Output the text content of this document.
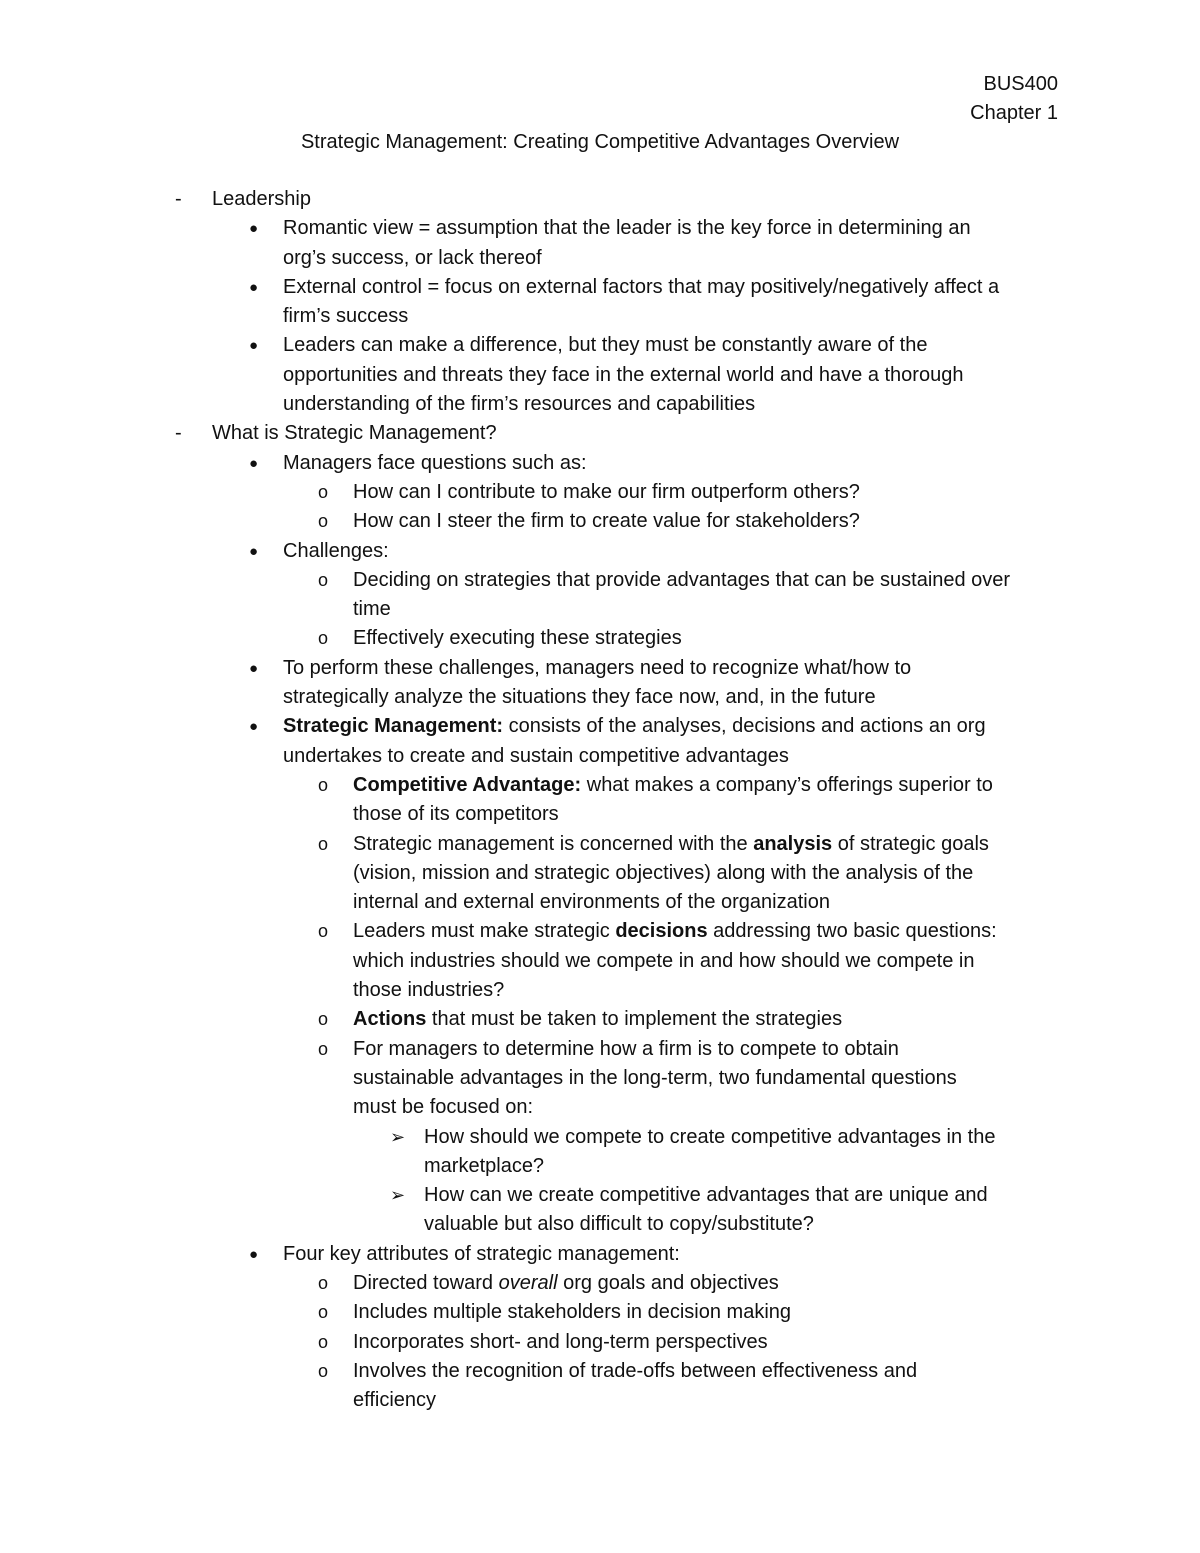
BUS400
Chapter 1
Strategic Management: Creating Competitive Advantages Overview
- Leadership
● Romantic view = assumption that the leader is the key force in determining an
org’s success, or lack thereof
● External control = focus on external factors that may positively/negatively affect a
firm’s success
● Leaders can make a difference, but they must be constantly aware of the
opportunities and threats they face in the external world and have a thorough
understanding of the firm’s resources and capabilities
- What is Strategic Management?
● Managers face questions such as:
o How can I contribute to make our firm outperform others?
o How can I steer the firm to create value for stakeholders?
● Challenges:
o Deciding on strategies that provide advantages that can be sustained over
time
o Effectively executing these strategies
● To perform these challenges, managers need to recognize what/how to
strategically analyze the situations they face now, and, in the future
● Strategic Management: consists of the analyses, decisions and actions an org
undertakes to create and sustain competitive advantages
o Competitive Advantage: what makes a company’s offerings superior to
those of its competitors
o Strategic management is concerned with the analysis of strategic goals
(vision, mission and strategic objectives) along with the analysis of the
internal and external environments of the organization
o Leaders must make strategic decisions addressing two basic questions:
which industries should we compete in and how should we compete in
those industries?
o Actions that must be taken to implement the strategies
o For managers to determine how a firm is to compete to obtain
sustainable advantages in the long-term, two fundamental questions
must be focused on:
➢ How should we compete to create competitive advantages in the
marketplace?
➢ How can we create competitive advantages that are unique and
valuable but also difficult to copy/substitute?
● Four key attributes of strategic management:
o Directed toward overall org goals and objectives
o Includes multiple stakeholders in decision making
o Incorporates short- and long-term perspectives
o Involves the recognition of trade-offs between effectiveness and
efficiency
